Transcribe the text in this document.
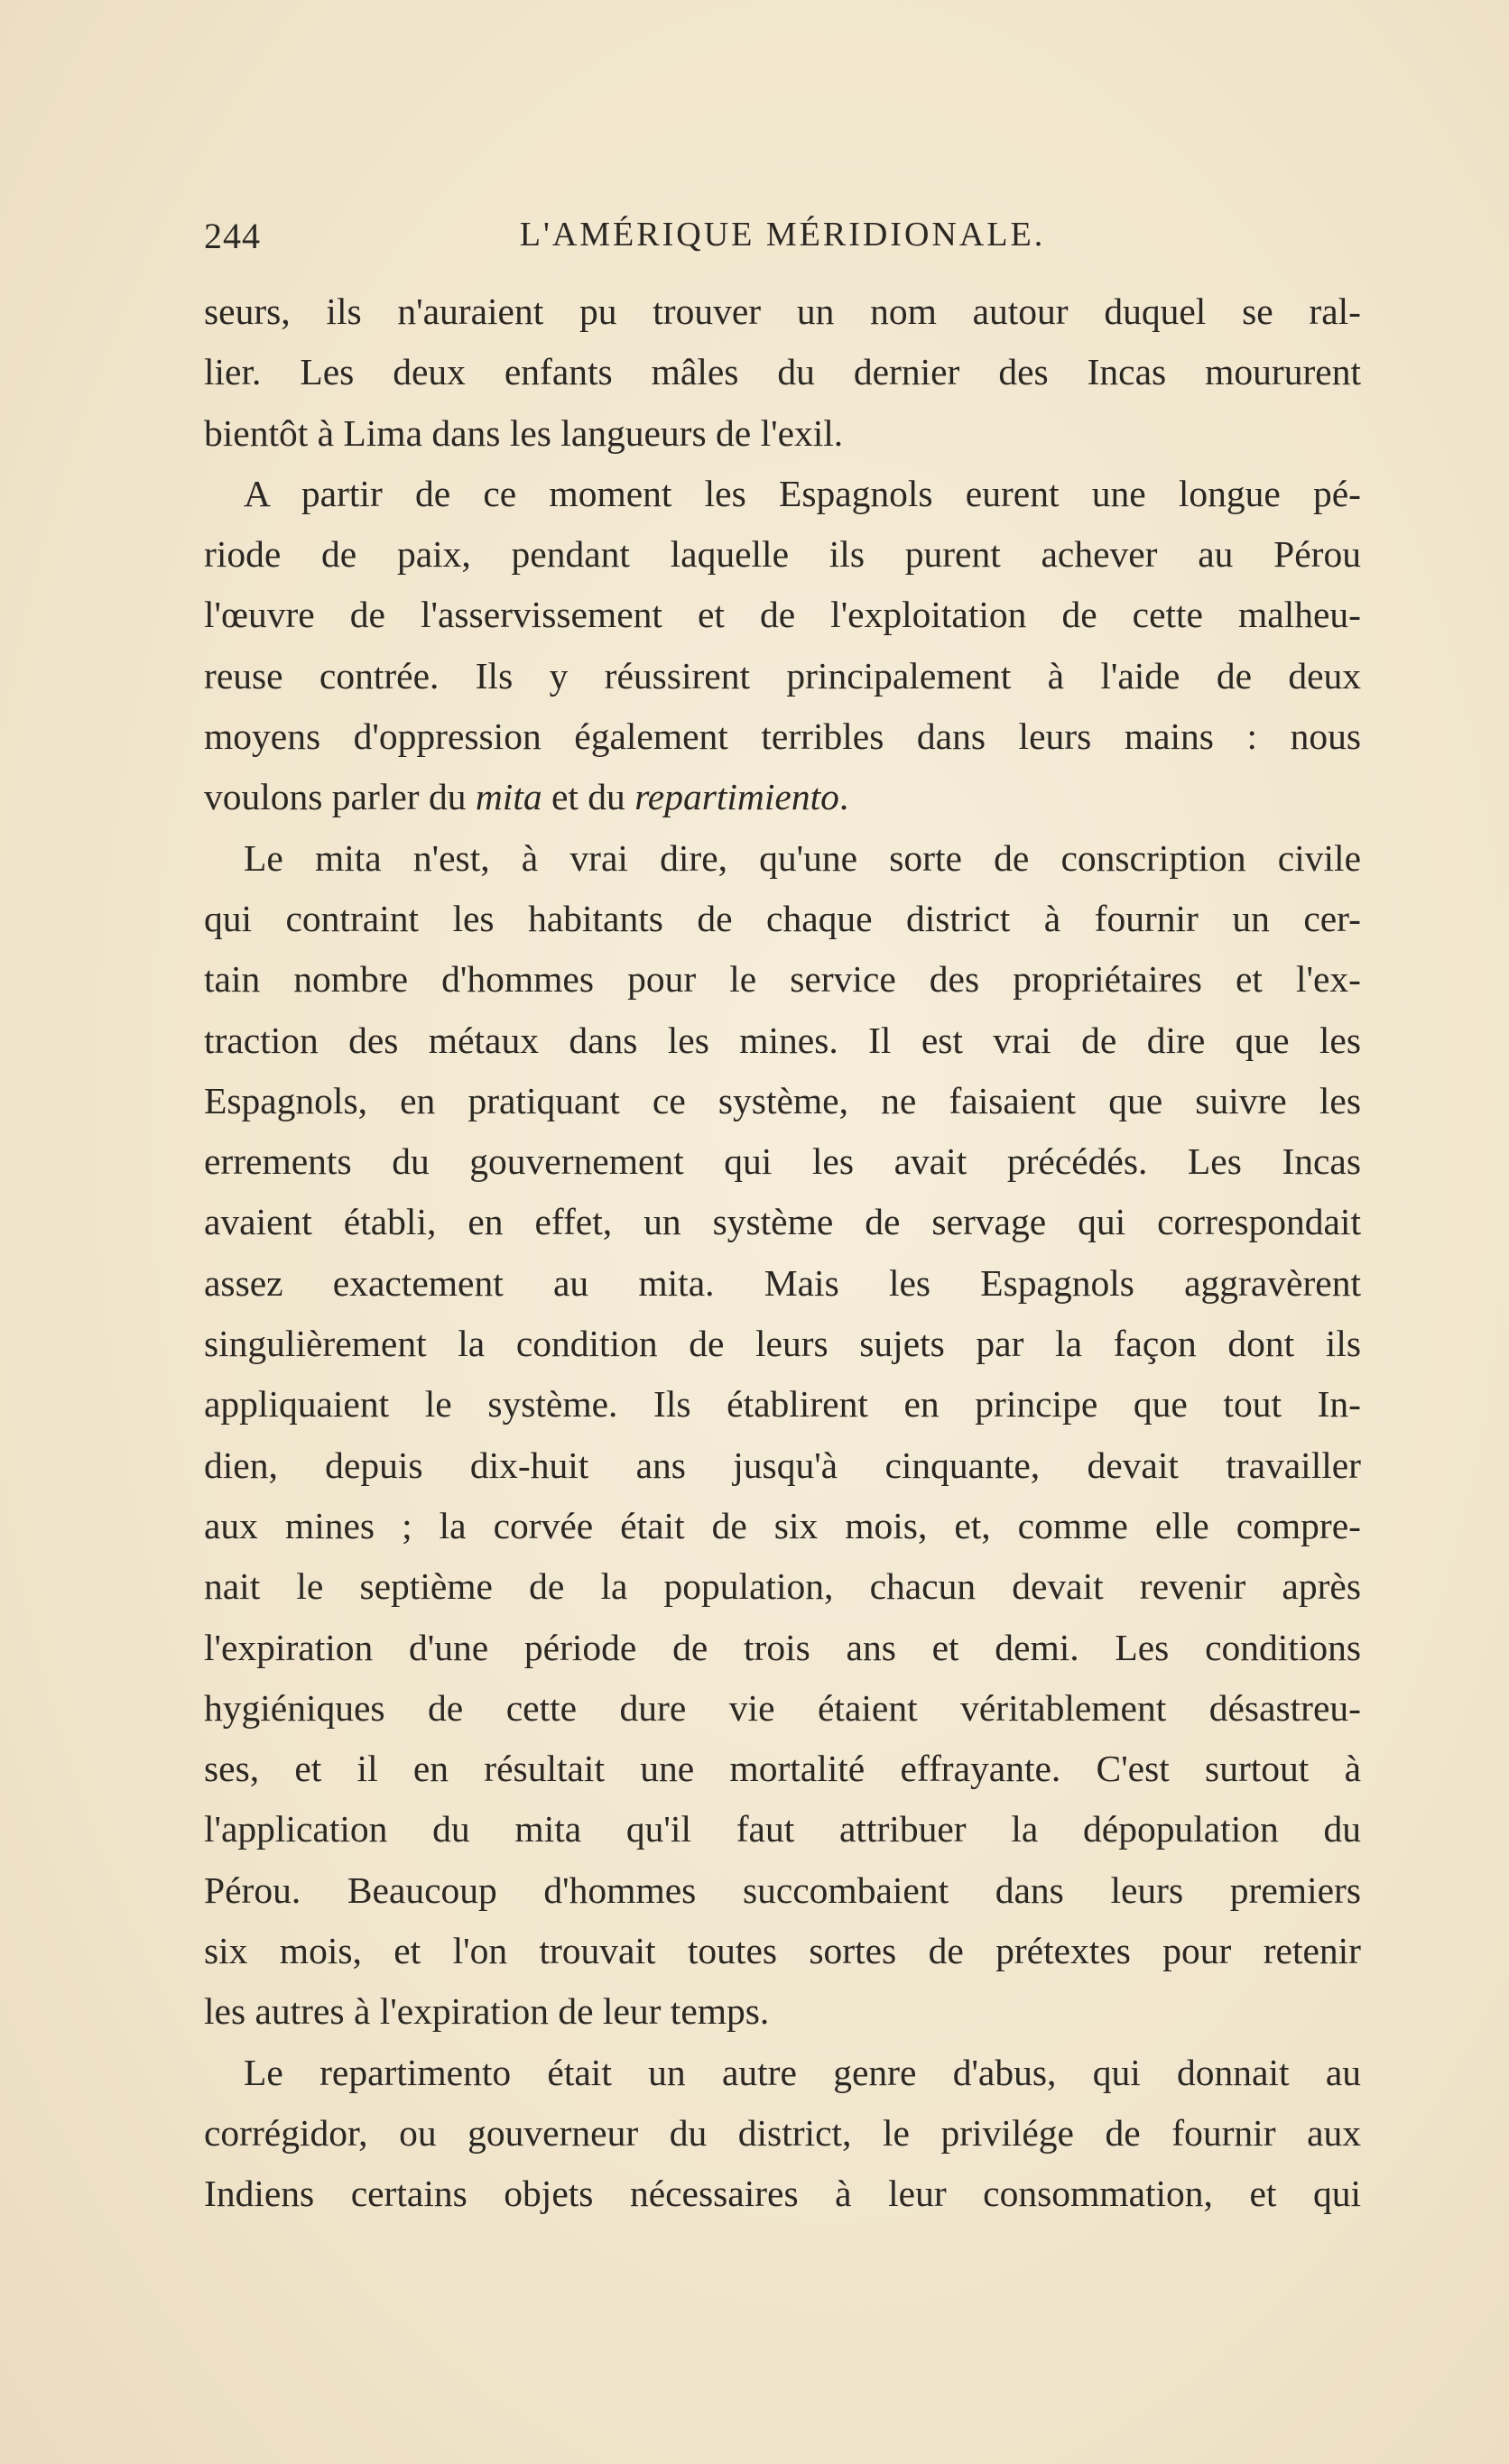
244	L'AMÉRIQUE MÉRIDIONALE.
seurs, ils n'auraient pu trouver un nom autour duquel se ral-
lier. Les deux enfants mâles du dernier des Incas moururent
bientôt à Lima dans les langueurs de l'exil.
A partir de ce moment les Espagnols eurent une longue pé-
riode de paix, pendant laquelle ils purent achever au Pérou
l'œuvre de l'asservissement et de l'exploitation de cette malheu-
reuse contrée. Ils y réussirent principalement à l'aide de deux
moyens d'oppression également terribles dans leurs mains : nous
voulons parler du mita et du repartimiento.
Le mita n'est, à vrai dire, qu'une sorte de conscription civile
qui contraint les habitants de chaque district à fournir un cer-
tain nombre d'hommes pour le service des propriétaires et l'ex-
traction des métaux dans les mines. Il est vrai de dire que les
Espagnols, en pratiquant ce système, ne faisaient que suivre les
errements du gouvernement qui les avait précédés. Les Incas
avaient établi, en effet, un système de servage qui correspondait
assez exactement au mita. Mais les Espagnols aggravèrent
singulièrement la condition de leurs sujets par la façon dont ils
appliquaient le système. Ils établirent en principe que tout In-
dien, depuis dix-huit ans jusqu'à cinquante, devait travailler
aux mines ; la corvée était de six mois, et, comme elle compre-
nait le septième de la population, chacun devait revenir après
l'expiration d'une période de trois ans et demi. Les conditions
hygiéniques de cette dure vie étaient véritablement désastreu-
ses, et il en résultait une mortalité effrayante. C'est surtout à
l'application du mita qu'il faut attribuer la dépopulation du
Pérou. Beaucoup d'hommes succombaient dans leurs premiers
six mois, et l'on trouvait toutes sortes de prétextes pour retenir
les autres à l'expiration de leur temps.
Le repartimento était un autre genre d'abus, qui donnait au
corrégidor, ou gouverneur du district, le privilége de fournir aux
Indiens certains objets nécessaires à leur consommation, et qui
